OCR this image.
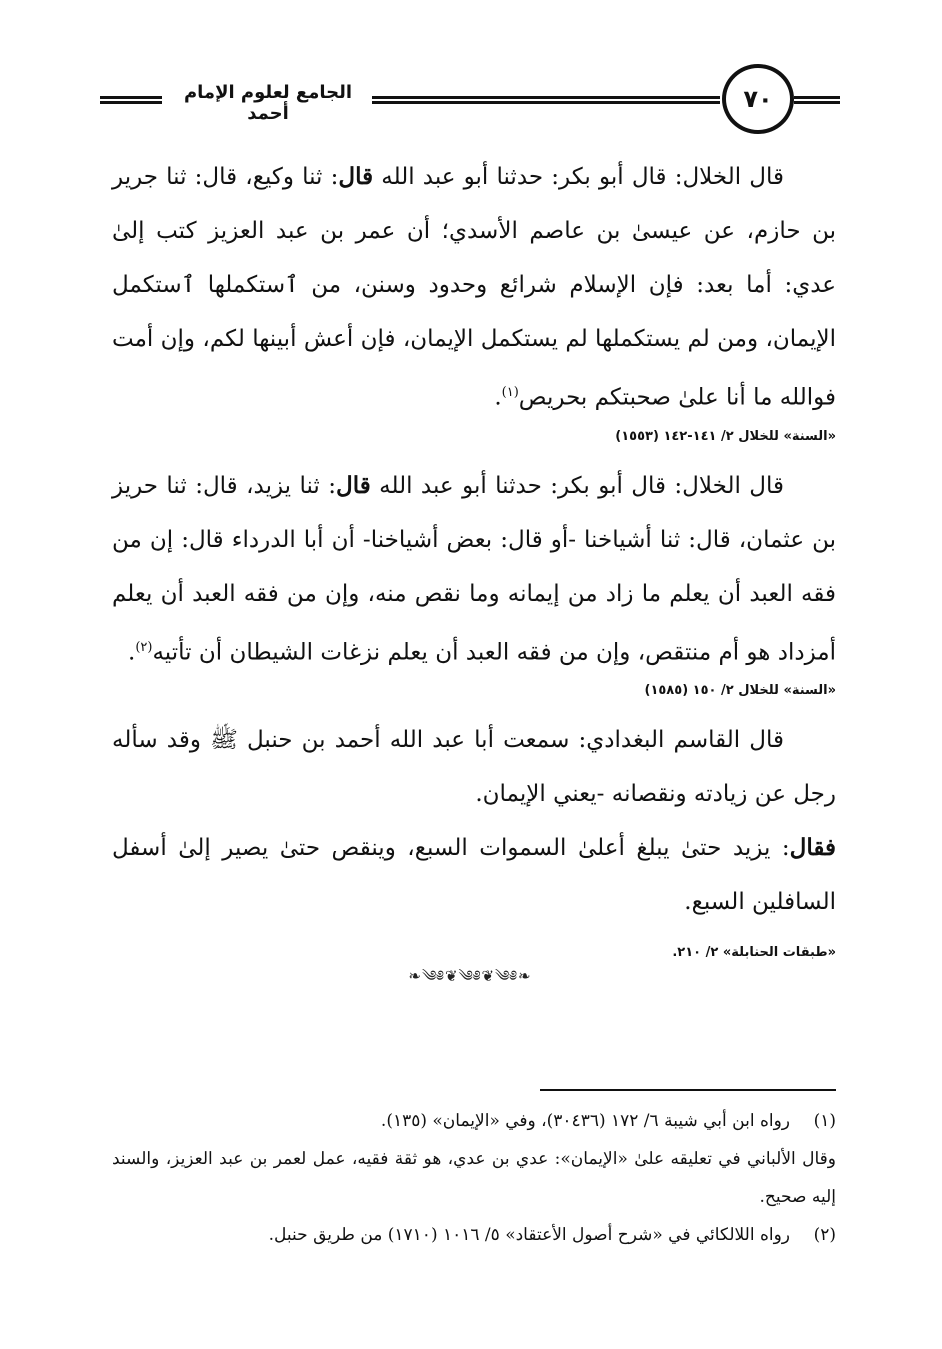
الجامع لعلوم الإمام أحمد
٧٠

قال الخلال: قال أبو بكر: حدثنا أبو عبد الله قال: ثنا وكيع، قال: ثنا جرير بن حازم، عن عيسىٰ بن عاصم الأسدي؛ أن عمر بن عبد العزيز كتب إلىٰ عدي: أما بعد: فإن الإسلام شرائع وحدود وسنن، من ٱستكملها ٱستكمل الإيمان، ومن لم يستكملها لم يستكمل الإيمان، فإن أعش أبينها لكم، وإن أمت فوالله ما أنا علىٰ صحبتكم بحريص$^{(١)}$.

«السنة» للخلال ٢/ ١٤١-١٤٢ (١٥٥٣)

قال الخلال: قال أبو بكر: حدثنا أبو عبد الله قال: ثنا يزيد، قال: ثنا حريز بن عثمان، قال: ثنا أشياخنا -أو قال: بعض أشياخنا- أن أبا الدرداء قال: إن من فقه العبد أن يعلم ما زاد من إيمانه وما نقص منه، وإن من فقه العبد أن يعلم أمزداد هو أم منتقص، وإن من فقه العبد أن يعلم نزغات الشيطان أن تأتيه$^{(٢)}$.

«السنة» للخلال ٢/ ١٥٠ (١٥٨٥)

قال القاسم البغدادي: سمعت أبا عبد الله أحمد بن حنبل ﷺ وقد سأله رجل عن زيادته ونقصانه -يعني الإيمان.

فقال: يزيد حتىٰ يبلغ أعلىٰ السموات السبع، وينقص حتىٰ يصير إلىٰ أسفل السافلين السبع.

«طبقات الحنابلة» ٢/ ٢١٠.
❧༄༅❦༄༅❦༄༅❧

(١)رواه ابن أبي شيبة ٦/ ١٧٢ (٣٠٤٣٦)، وفي «الإيمان» (١٣٥).

وقال الألباني في تعليقه علىٰ «الإيمان»: عدي بن عدي، هو ثقة فقيه، عمل لعمر بن عبد العزيز، والسند إليه صحيح.

(٢)رواه اللالكائي في «شرح أصول الأعتقاد» ٥/ ١٠١٦ (١٧١٠) من طريق حنبل.
